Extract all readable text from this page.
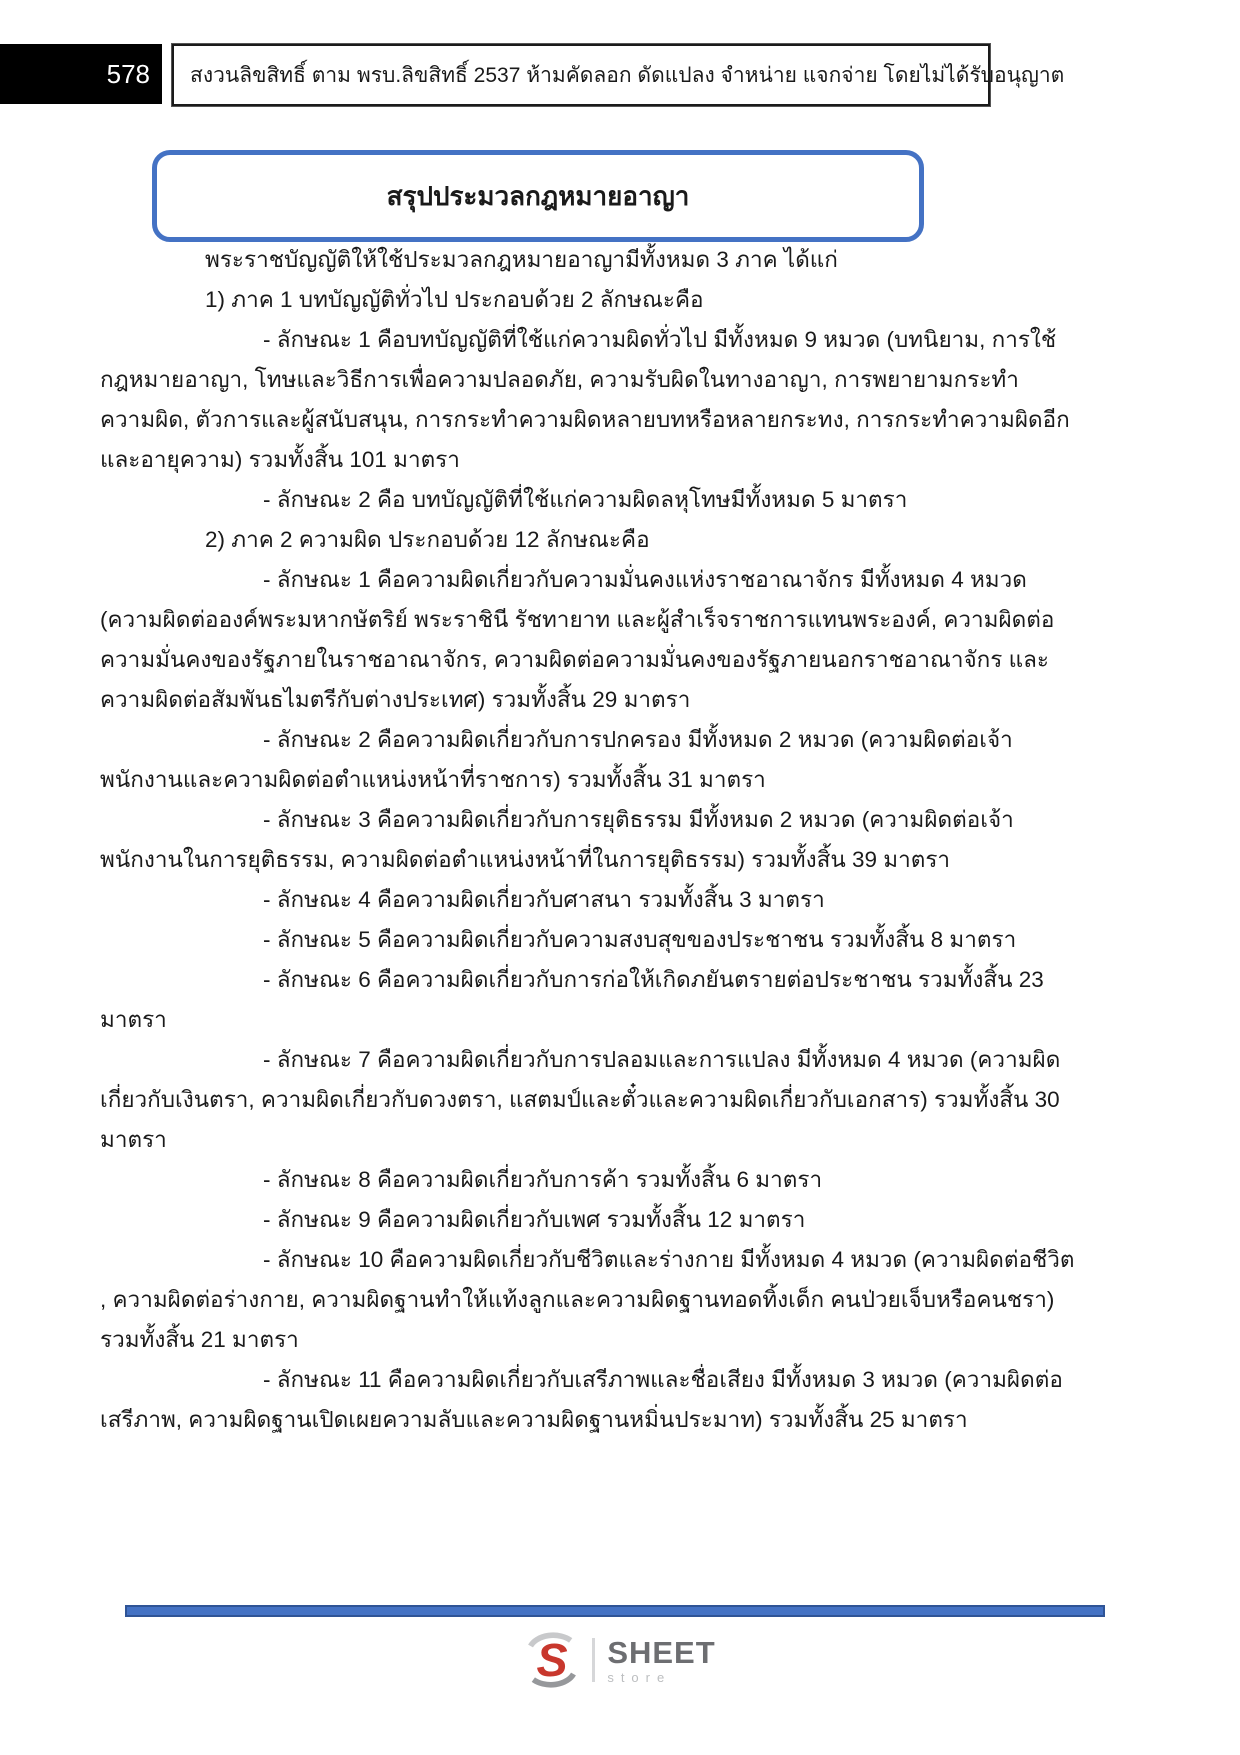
578 สงวนลิขสิทธิ์ ตาม พรบ.ลิขสิทธิ์ 2537 ห้ามคัดลอก ดัดแปลง จำหน่าย แจกจ่าย โดยไม่ได้รับอนุญาต
สรุปประมวลกฎหมายอาญา
พระราชบัญญัติให้ใช้ประมวลกฎหมายอาญามีทั้งหมด 3 ภาค ได้แก่
1) ภาค 1 บทบัญญัติทั่วไป ประกอบด้วย 2 ลักษณะคือ
- ลักษณะ 1 คือบทบัญญัติที่ใช้แก่ความผิดทั่วไป มีทั้งหมด 9 หมวด (บทนิยาม, การใช้
กฎหมายอาญา, โทษและวิธีการเพื่อความปลอดภัย, ความรับผิดในทางอาญา, การพยายามกระทำ
ความผิด, ตัวการและผู้สนับสนุน, การกระทำความผิดหลายบทหรือหลายกระทง, การกระทำความผิดอีก
และอายุความ) รวมทั้งสิ้น 101 มาตรา
- ลักษณะ 2 คือ บทบัญญัติที่ใช้แก่ความผิดลหุโทษมีทั้งหมด 5 มาตรา
2) ภาค 2 ความผิด ประกอบด้วย 12 ลักษณะคือ
- ลักษณะ 1 คือความผิดเกี่ยวกับความมั่นคงแห่งราชอาณาจักร มีทั้งหมด 4 หมวด
(ความผิดต่อองค์พระมหากษัตริย์ พระราชินี รัชทายาท และผู้สำเร็จราชการแทนพระองค์, ความผิดต่อ
ความมั่นคงของรัฐภายในราชอาณาจักร, ความผิดต่อความมั่นคงของรัฐภายนอกราชอาณาจักร และ
ความผิดต่อสัมพันธไมตรีกับต่างประเทศ) รวมทั้งสิ้น 29 มาตรา
- ลักษณะ 2 คือความผิดเกี่ยวกับการปกครอง มีทั้งหมด 2 หมวด (ความผิดต่อเจ้า
พนักงานและความผิดต่อตำแหน่งหน้าที่ราชการ) รวมทั้งสิ้น 31 มาตรา
- ลักษณะ 3 คือความผิดเกี่ยวกับการยุติธรรม มีทั้งหมด 2 หมวด (ความผิดต่อเจ้า
พนักงานในการยุติธรรม, ความผิดต่อตำแหน่งหน้าที่ในการยุติธรรม) รวมทั้งสิ้น 39 มาตรา
- ลักษณะ 4 คือความผิดเกี่ยวกับศาสนา รวมทั้งสิ้น 3 มาตรา
- ลักษณะ 5 คือความผิดเกี่ยวกับความสงบสุขของประชาชน รวมทั้งสิ้น 8 มาตรา
- ลักษณะ 6 คือความผิดเกี่ยวกับการก่อให้เกิดภยันตรายต่อประชาชน รวมทั้งสิ้น 23
มาตรา
- ลักษณะ 7 คือความผิดเกี่ยวกับการปลอมและการแปลง มีทั้งหมด 4 หมวด (ความผิด
เกี่ยวกับเงินตรา, ความผิดเกี่ยวกับดวงตรา, แสตมป์และตั๋วและความผิดเกี่ยวกับเอกสาร) รวมทั้งสิ้น 30
มาตรา
- ลักษณะ 8 คือความผิดเกี่ยวกับการค้า รวมทั้งสิ้น 6 มาตรา
- ลักษณะ 9 คือความผิดเกี่ยวกับเพศ รวมทั้งสิ้น 12 มาตรา
- ลักษณะ 10 คือความผิดเกี่ยวกับชีวิตและร่างกาย มีทั้งหมด 4 หมวด (ความผิดต่อชีวิต
, ความผิดต่อร่างกาย, ความผิดฐานทำให้แท้งลูกและความผิดฐานทอดทิ้งเด็ก คนป่วยเจ็บหรือคนชรา)
รวมทั้งสิ้น 21 มาตรา
- ลักษณะ 11 คือความผิดเกี่ยวกับเสรีภาพและชื่อเสียง มีทั้งหมด 3 หมวด (ความผิดต่อ
เสรีภาพ, ความผิดฐานเปิดเผยความลับและความผิดฐานหมิ่นประมาท) รวมทั้งสิ้น 25 มาตรา
S SHEET
store
